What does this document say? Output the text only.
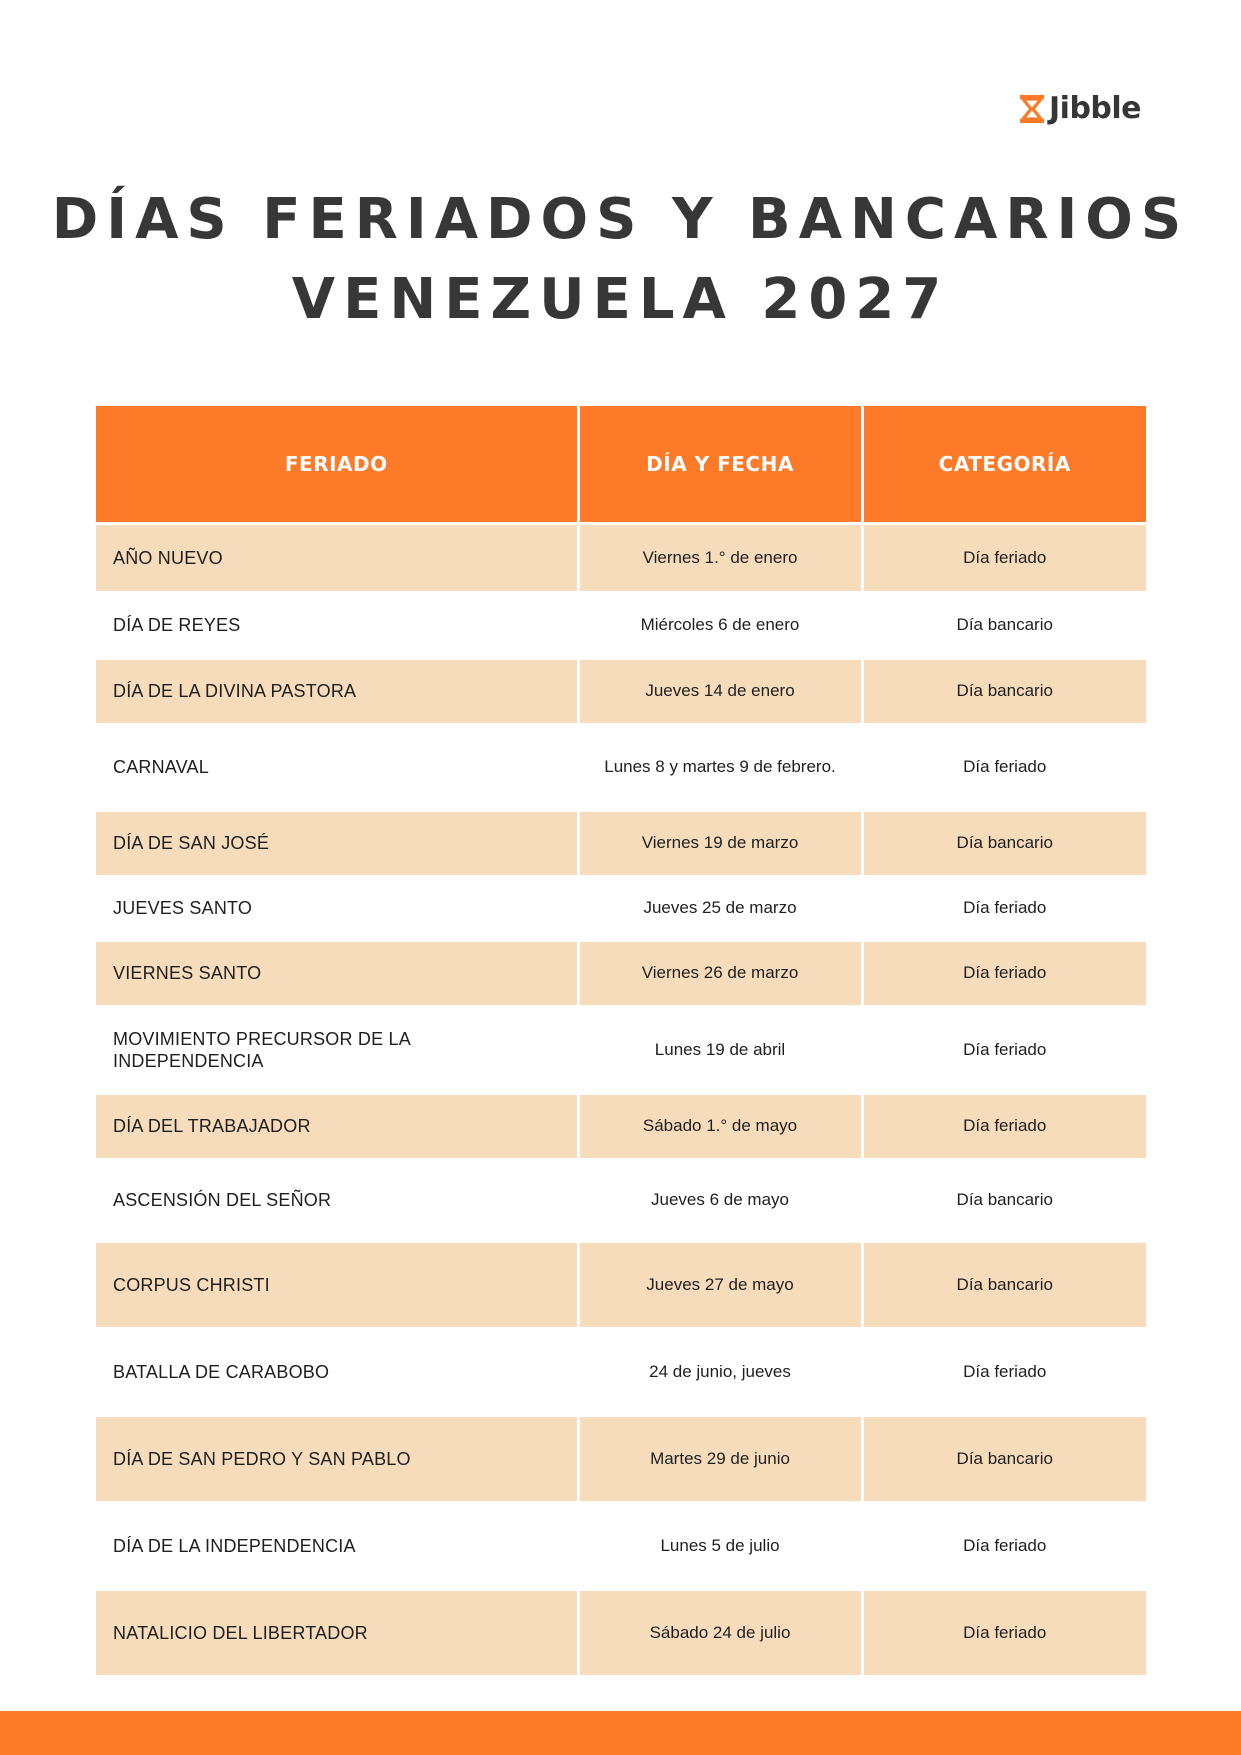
Jibble
DÍAS FERIADOS Y BANCARIOS
VENEZUELA 2027
FERIADO	DÍA Y FECHA	CATEGORÍA
AÑO NUEVO	Viernes 1.° de enero	Día feriado
DÍA DE REYES	Miércoles 6 de enero	Día bancario
DÍA DE LA DIVINA PASTORA	Jueves 14 de enero	Día bancario
CARNAVAL	Lunes 8 y martes 9 de febrero.	Día feriado
DÍA DE SAN JOSÉ	Viernes 19 de marzo	Día bancario
JUEVES SANTO	Jueves 25 de marzo	Día feriado
VIERNES SANTO	Viernes 26 de marzo	Día feriado
MOVIMIENTO PRECURSOR DE LA INDEPENDENCIA	Lunes 19 de abril	Día feriado
DÍA DEL TRABAJADOR	Sábado 1.° de mayo	Día feriado
ASCENSIÓN DEL SEÑOR	Jueves 6 de mayo	Día bancario
CORPUS CHRISTI	Jueves 27 de mayo	Día bancario
BATALLA DE CARABOBO	24 de junio, jueves	Día feriado
DÍA DE SAN PEDRO Y SAN PABLO	Martes 29 de junio	Día bancario
DÍA DE LA INDEPENDENCIA	Lunes 5 de julio	Día feriado
NATALICIO DEL LIBERTADOR	Sábado 24 de julio	Día feriado
